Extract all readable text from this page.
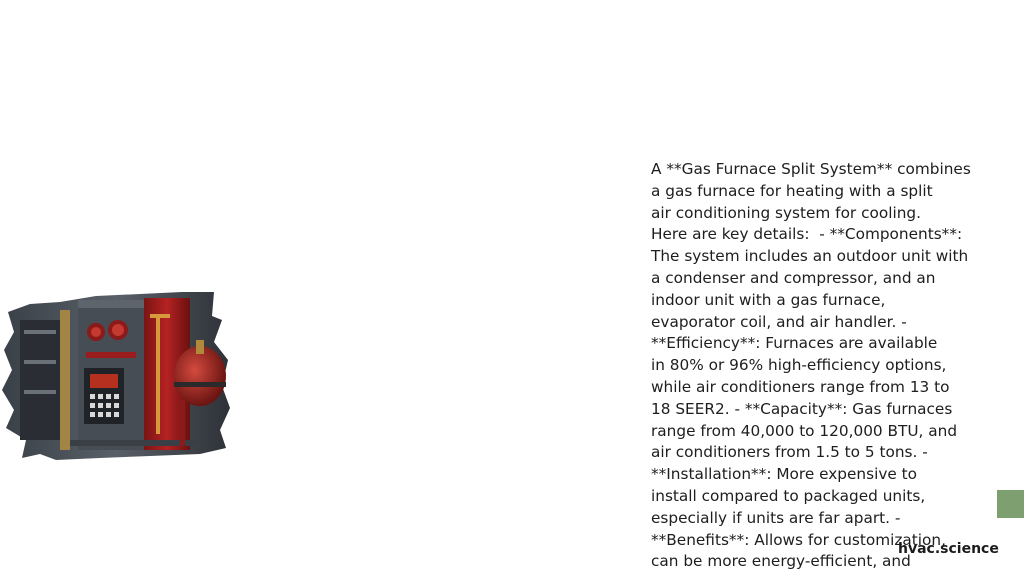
A **Gas Furnace Split System** combines
a gas furnace for heating with a split
air conditioning system for cooling.
Here are key details:  - **Components**:
The system includes an outdoor unit with
a condenser and compressor, and an
indoor unit with a gas furnace,
evaporator coil, and air handler. -
**Efficiency**: Furnaces are available
in 80% or 96% high-efficiency options,
while air conditioners range from 13 to
18 SEER2. - **Capacity**: Gas furnaces
range from 40,000 to 120,000 BTU, and
air conditioners from 1.5 to 5 tons. -
**Installation**: More expensive to
install compared to packaged units,
especially if units are far apart. -
**Benefits**: Allows for customization,
can be more energy-efficient, and

hvac.science
